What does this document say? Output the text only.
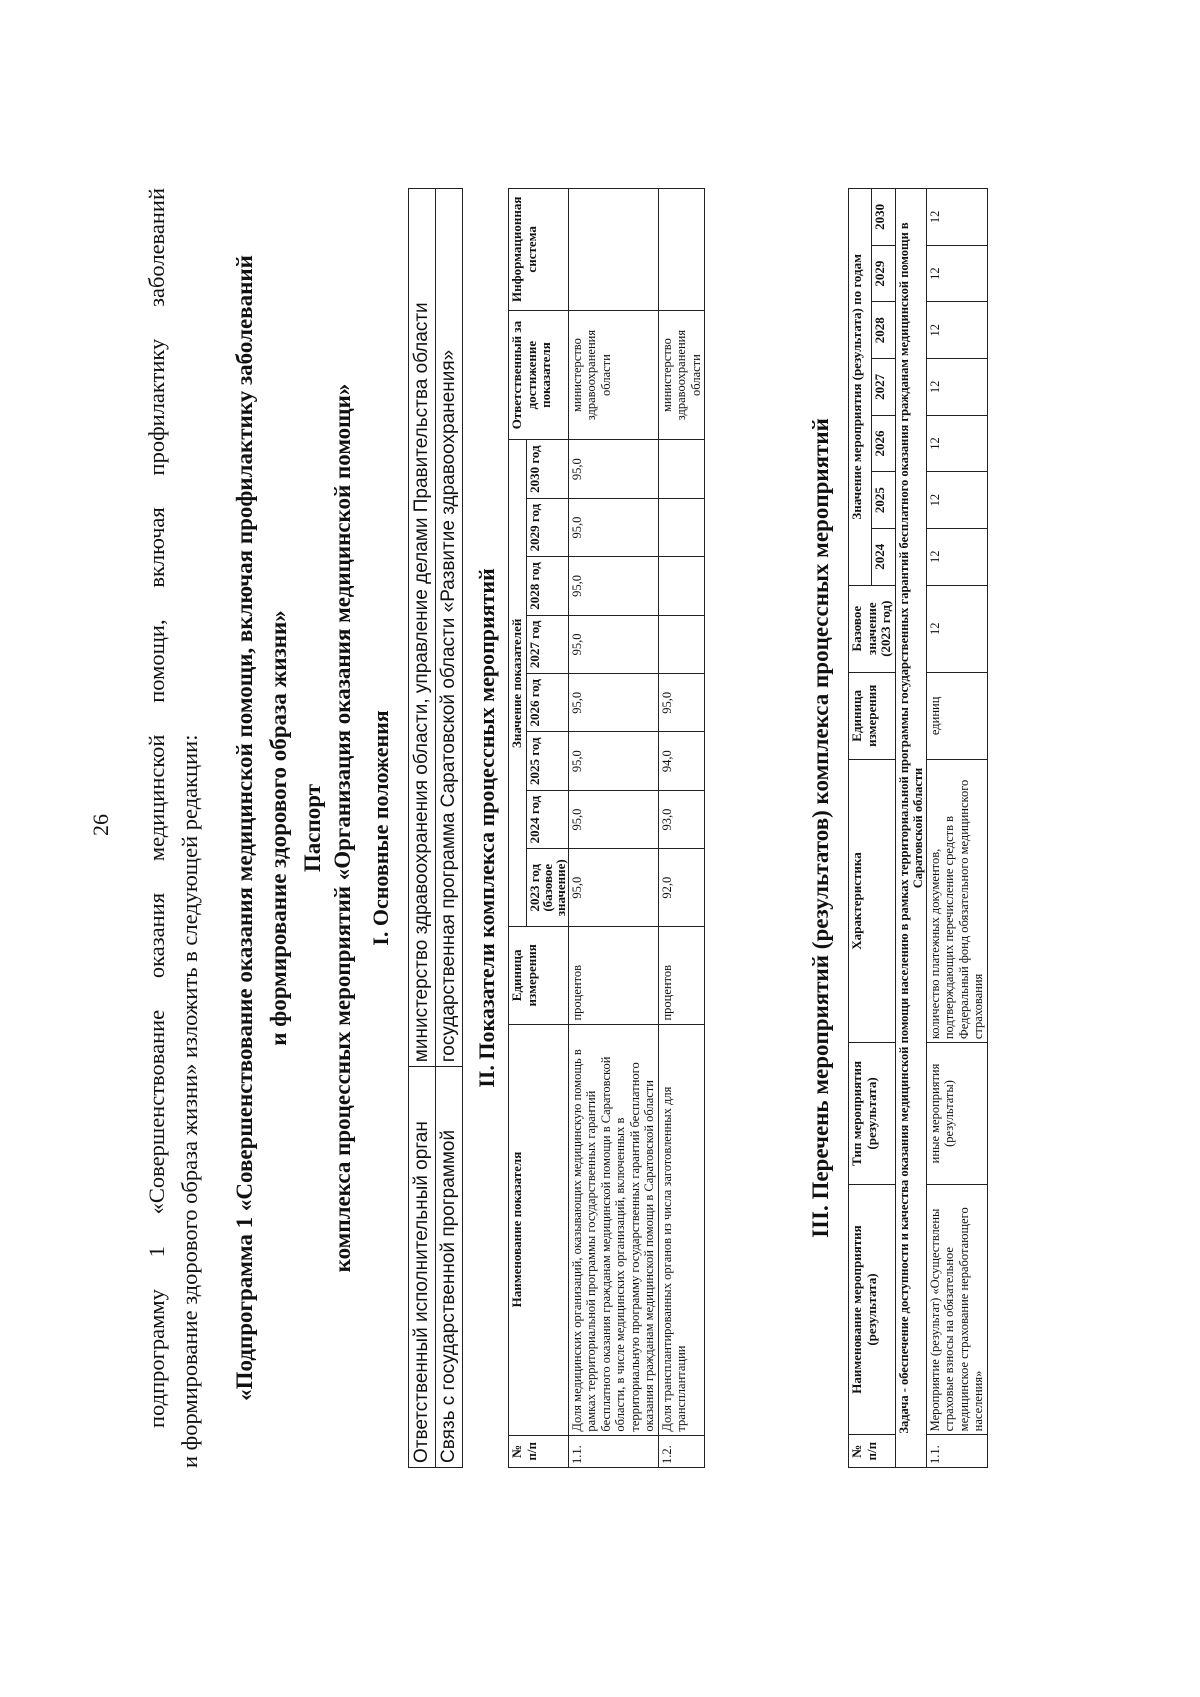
26 подпрограмму 1 «Совершенствование оказания медицинской помощи, включая профилактику заболеваний и формирование здорового образа жизни» изложить в следующей редакции: «Подпрограмма 1 «Совершенствование оказания медицинской помощи, включая профилактику заболеваний и формирование здорового образа жизни» Паспорт комплекса процессных мероприятий «Организация оказания медицинской помощи» I. Основные положения
Ответственный исполнительный орган	министерство здравоохранения области, управление делами Правительства области
Связь с государственной программой	государственная программа Саратовской области «Развитие здравоохранения» II. Показатели комплекса процессных мероприятий
№ п/п	Наименование показателя	Единица измерения	Значение показателей								Ответственный за достижение показателя	Информационная система
			2023 год (базовое значение)	2024 год	2025 год	2026 год	2027 год	2028 год	2029 год	2030 год		
1.1.	Доля медицинских организаций, оказывающих медицинскую помощь в рамках территориальной программы государственных гарантий бесплатного оказания гражданам медицинской помощи в Саратовской области, в числе медицинских организаций, включенных в территориальную программу государственных гарантий бесплатного оказания гражданам медицинской помощи в Саратовской области	процентов	95,0	95,0	95,0	95,0	95,0	95,0	95,0	95,0	министерство здравоохранения области	
1.2.	Доля трансплантированных органов из числа заготовленных для трансплантации	процентов	92,0	93,0	94,0	95,0					министерство здравоохранения области	
III. Перечень мероприятий (результатов) комплекса процессных мероприятий
№ п/п	Наименование мероприятия (результата)	Тип мероприятия (результата)	Характеристика	Единица измерения	Базовое значение (2023 год)	Значение мероприятия (результата) по годам						
						2024	2025	2026	2027	2028	2029	2030
Задача - обеспечение доступности и качества оказания медицинской помощи населению в рамках территориальной программы государственных гарантий бесплатного оказания гражданам медицинской помощи в Саратовской области												
1.1.	Мероприятие (результат) «Осуществлены страховые взносы на обязательное медицинское страхование неработающего населения»	иные мероприятия (результаты)	количество платежных документов, подтверждающих перечисление средств в Федеральный фонд обязательного медицинского страхования	единиц	12	12	12	12	12	12	12	12
